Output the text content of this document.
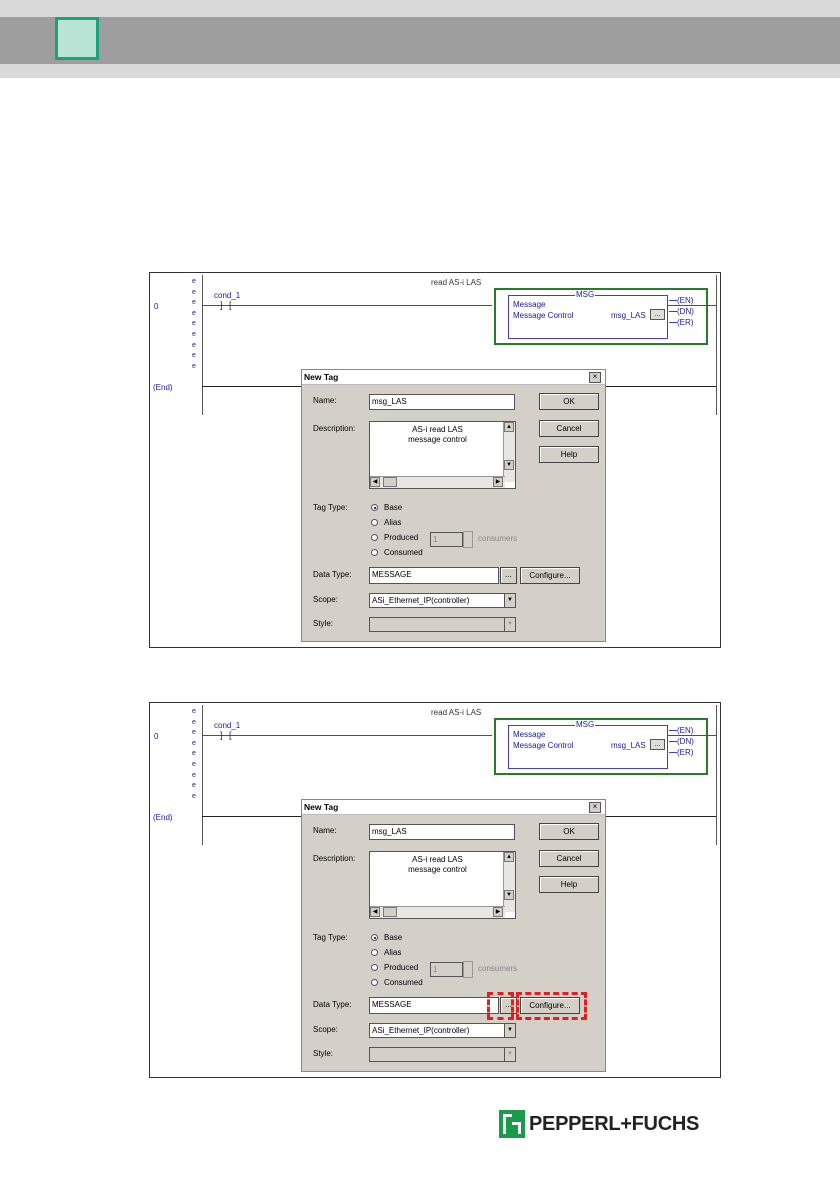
0
(End)
e
e
e
e
e
e
e
e
e
read AS-i LAS
cond_1
] [
MSG
Message
Message Control	msg_LAS	...
(EN)
(DN)
(ER)
New Tag	×
Name:	msg_LAS
Description:	AS-i read LAS
message control
▲
▼
◀	▶
OK
Cancel
Help
Tag Type:	Base
Alias
Produced
Consumed
1	consumers
Data Type:	MESSAGE	...	Configure...
Scope:	ASi_Ethernet_IP(controller)	▼
Style:	▼
0
(End)
e
e
e
e
e
e
e
e
e
read AS-i LAS
cond_1
] [
MSG
Message
Message Control	msg_LAS	...
(EN)
(DN)
(ER)
New Tag	×
Name:	msg_LAS
Description:	AS-i read LAS
message control
▲
▼
◀	▶
OK
Cancel
Help
Tag Type:	Base
Alias
Produced
Consumed
1	consumers
Data Type:	MESSAGE	...	Configure...
Scope:	ASi_Ethernet_IP(controller)	▼
Style:	▼
PEPPERL+FUCHS
